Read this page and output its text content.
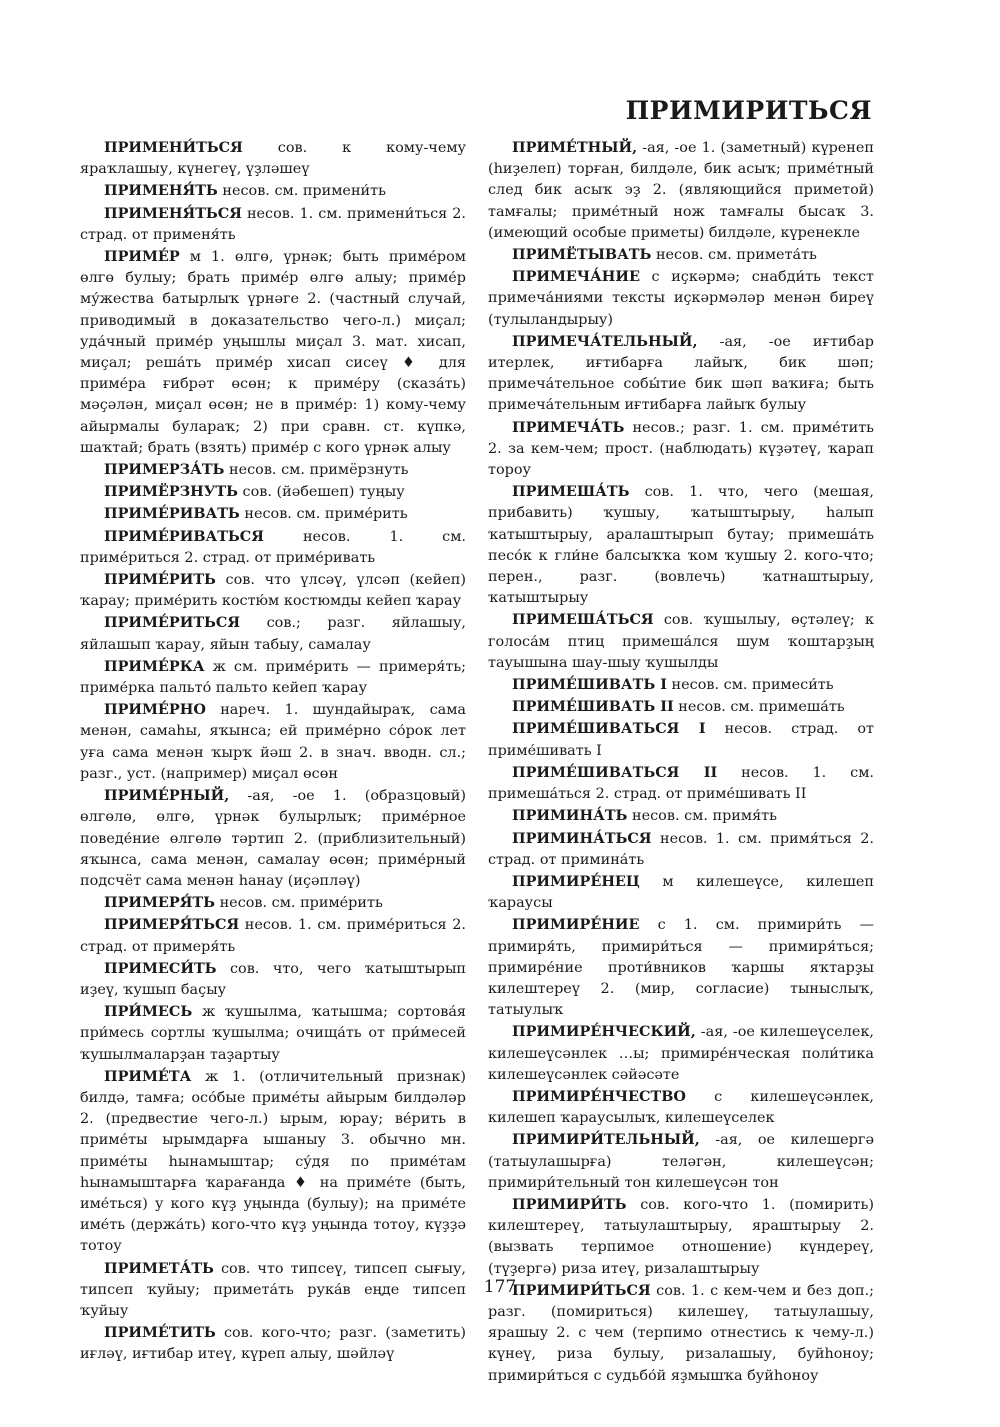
ПРИМИРИТЬСЯ

ПРИМЕНИ́ТЬСЯ сов. к кому-чему яраҡлашыу, күнегеү, үҙләшеү

ПРИМЕНЯ́ТЬ несов. см. примени́ть

ПРИМЕНЯ́ТЬСЯ несов. 1. см. примени́ться 2. страд. от применя́ть

ПРИМЕ́Р м 1. өлгө, үрнәк; быть приме́ром өлгө булыу; брать приме́р өлгө алыу; приме́р му́жества батырлыҡ үрнәге 2. (частный случай, приводимый в доказательство чего-л.) миҫал; уда́чный приме́р уңышлы миҫал 3. мат. хисап, миҫал; реша́ть приме́р хисап сисеү ♦ для приме́ра ғибрәт өсөн; к приме́ру (сказа́ть) мәҫәлән, миҫал өсөн; не в приме́р: 1) кому-чему айырмалы булараҡ; 2) при сравн. ст. күпкә, шаҡтай; брать (взять) приме́р с кого үрнәк алыу

ПРИМЕРЗА́ТЬ несов. см. примёрзнуть

ПРИМЁРЗНУТЬ сов. (йәбешеп) туңыу

ПРИМЕ́РИВАТЬ несов. см. приме́рить

ПРИМЕ́РИВАТЬСЯ	несов. 1. см. приме́риться 2. страд. от приме́ривать

ПРИМЕ́РИТЬ сов. что үлсәү, үлсәп (кейеп) ҡарау; приме́рить костю́м костюмды кейеп ҡарау

ПРИМЕ́РИТЬСЯ сов.; разг. яйлашыу, яйлашып ҡарау, яйын табыу, самалау

ПРИМЕ́РКА ж см. приме́рить — примеря́ть; приме́рка пальто́ пальто кейеп ҡарау

ПРИМЕ́РНО нареч. 1. шундайыраҡ, сама менән, самаһы, яҡынса; ей приме́рно со́рок лет уға сама менән ҡырҡ йәш 2. в знач. вводн. сл.; разг., уст. (например) миҫал өсөн

ПРИМЕ́РНЫЙ, -ая, -ое 1. (образцовый) өлгөлө, өлгө, үрнәк булырлыҡ; приме́рное поведе́ние өлгөлө тәртип 2. (приблизительный) яҡынса, сама менән, самалау өсөн; приме́рный подсчёт сама менән һанау (иҫәпләү)

ПРИМЕРЯ́ТЬ несов. см. приме́рить

ПРИМЕРЯ́ТЬСЯ несов. 1. см. приме́риться 2. страд. от примеря́ть

ПРИМЕСИ́ТЬ сов. что, чего ҡатыштырып иҙеү, ҡушып баҫыу

ПРИ́МЕСЬ ж ҡушылма, ҡатышма; сортова́я при́месь сортлы ҡушылма; очища́ть от при́месей ҡушылмаларҙан таҙартыу

ПРИМЕ́ТА ж 1. (отличительный признак) билдә, тамға; осо́бые приме́ты айырым билдәләр 2. (предвестие чего-л.) ырым, юрау; ве́рить в приме́ты ырымдарға ышаныу 3. обычно мн. приме́ты һынамыштар; су́дя по приме́там һынамыштарға ҡарағанда ♦ на приме́те (быть, име́ться) у кого күҙ уңында (булыу); на приме́те име́ть (держа́ть) кого-что күҙ уңында тотоу, күҙҙә тотоу

ПРИМЕТА́ТЬ сов. что типсеү, типсеп сығыу, типсеп ҡуйыу; примета́ть рука́в еңде типсеп ҡуйыу

ПРИМЕ́ТИТЬ сов. кого-что; разг. (заметить) иғләү, иғтибар итеү, күреп алыу, шәйләү

ПРИМЕ́ТНЫЙ, -ая, -ое 1. (заметный) күренеп (һиҙелеп) торған, билдәле, бик асыҡ; приме́тный след бик асыҡ эҙ 2. (являющийся приметой) тамғалы; приме́тный нож тамғалы бысаҡ 3. (имеющий особые приметы) билдәле, күренекле

ПРИМЁТЫВАТЬ несов. см. примета́ть

ПРИМЕЧА́НИЕ с иҫкәрмә; снабди́ть текст примеча́ниями тексты иҫкәрмәләр менән биреү (тулыландырыу)

ПРИМЕЧА́ТЕЛЬНЫЙ, -ая, -ое иғтибар итерлек, иғтибарға лайыҡ, бик шәп; примеча́тельное собы́тие бик шәп ваҡиға; быть примеча́тельным иғтибарға лайыҡ булыу

ПРИМЕЧА́ТЬ несов.; разг. 1. см. приме́тить 2. за кем-чем; прост. (наблюдать) күҙәтеү, ҡарап тороу

ПРИМЕША́ТЬ сов. 1. что, чего (мешая, прибавить) ҡушыу, ҡатыштырыу, һалып ҡатыштырыу, аралаштырып бутау; примеша́ть песо́к к гли́не балсыҡҡа ҡом ҡушыу 2. кого-что; перен., разг. (вовлечь) ҡатнаштырыу, ҡатыштырыу

ПРИМЕША́ТЬСЯ сов. ҡушылыу, өҫтәлеү; к голоса́м птиц примеша́лся шум ҡоштарҙың тауышына шау-шыу ҡушылды

ПРИМЕ́ШИВАТЬ I несов. см. примеси́ть

ПРИМЕ́ШИВАТЬ II несов. см. примеша́ть

ПРИМЕ́ШИВАТЬСЯ I несов. страд. от приме́шивать I

ПРИМЕ́ШИВАТЬСЯ II несов. 1. см. примеша́ться 2. страд. от приме́шивать II

ПРИМИНА́ТЬ несов. см. примя́ть

ПРИМИНА́ТЬСЯ несов. 1. см. примя́ться 2. страд. от примина́ть

ПРИМИРЕ́НЕЦ м килешеүсе, килешеп ҡараусы

ПРИМИРЕ́НИЕ с 1. см. примири́ть — примиря́ть, примири́ться — примиря́ться; примире́ние проти́вников ҡаршы яҡтарҙы килештереү 2. (мир, согласие) тыныслыҡ, татыулыҡ

ПРИМИРЕ́НЧЕСКИЙ, -ая, -ое килешеүселек, килешеүсәнлек …ы; примире́нческая поли́тика килешеүсәнлек сәйәсәте

ПРИМИРЕ́НЧЕСТВО с килешеүсәнлек, килешеп ҡараусылыҡ, килешеүселек

ПРИМИРИ́ТЕЛЬНЫЙ, -ая, ое килешергә (татыулашырға) теләгән, килешеүсән; примири́тельный тон килешеүсән тон

ПРИМИРИ́ТЬ сов. кого-что 1. (помирить) килештереү, татыулаштырыу, яраштырыу 2. (вызвать терпимое отношение) күндереү, (түҙергә) риза итеү, ризалаштырыу

ПРИМИРИ́ТЬСЯ сов. 1. с кем-чем и без доп.; разг. (помириться) килешеү, татыулашыу, ярашыу 2. с чем (терпимо отнестись к чему-л.) күнеү, риза булыу, ризалашыу, буйһоноу; примири́ться с судьбо́й яҙмышҡа буйһоноу

177
